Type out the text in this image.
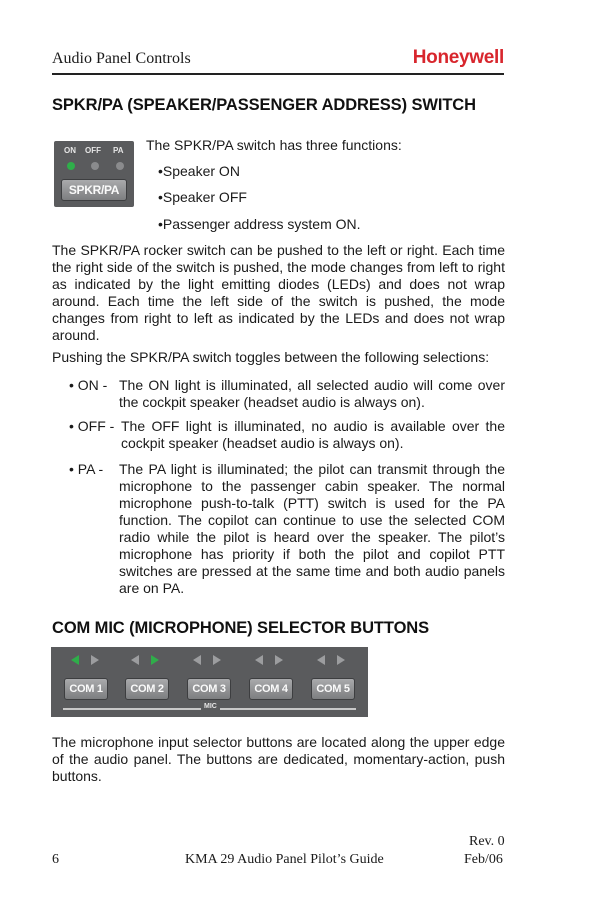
Audio Panel Controls	Honeywell
SPKR/PA (SPEAKER/PASSENGER ADDRESS) SWITCH
ON OFF PA
SPKR/PA
The SPKR/PA switch has three functions:
•Speaker ON
•Speaker OFF
•Passenger address system ON.
The SPKR/PA rocker switch can be pushed to the left or right. Each time the right side of the switch is pushed, the mode changes from left to right as indicated by the light emitting diodes (LEDs) and does not wrap around. Each time the left side of the switch is pushed, the mode changes from right to left as indicated by the LEDs and does not wrap around.
Pushing the SPKR/PA switch toggles between the following selections:
• ON - The ON light is illuminated, all selected audio will come over the cockpit speaker (headset audio is always on).
• OFF - The OFF light is illuminated, no audio is available over the cockpit speaker (headset audio is always on).
• PA -	The PA light is illuminated; the pilot can transmit through the microphone to the passenger cabin speaker. The normal microphone push-to-talk (PTT) switch is used for the PA function. The copilot can continue to use the selected COM radio while the pilot is heard over the speaker. The pilot’s microphone has priority if both the pilot and copilot PTT switches are pressed at the same time and both audio panels are on PA.
COM MIC (MICROPHONE) SELECTOR BUTTONS
COM 1	COM 2	COM 3	COM 4	COM 5
MIC
The microphone input selector buttons are located along the upper edge of the audio panel. The buttons are dedicated, momentary-action, push buttons.
6	KMA 29 Audio Panel Pilot’s Guide
Rev. 0
Feb/06
